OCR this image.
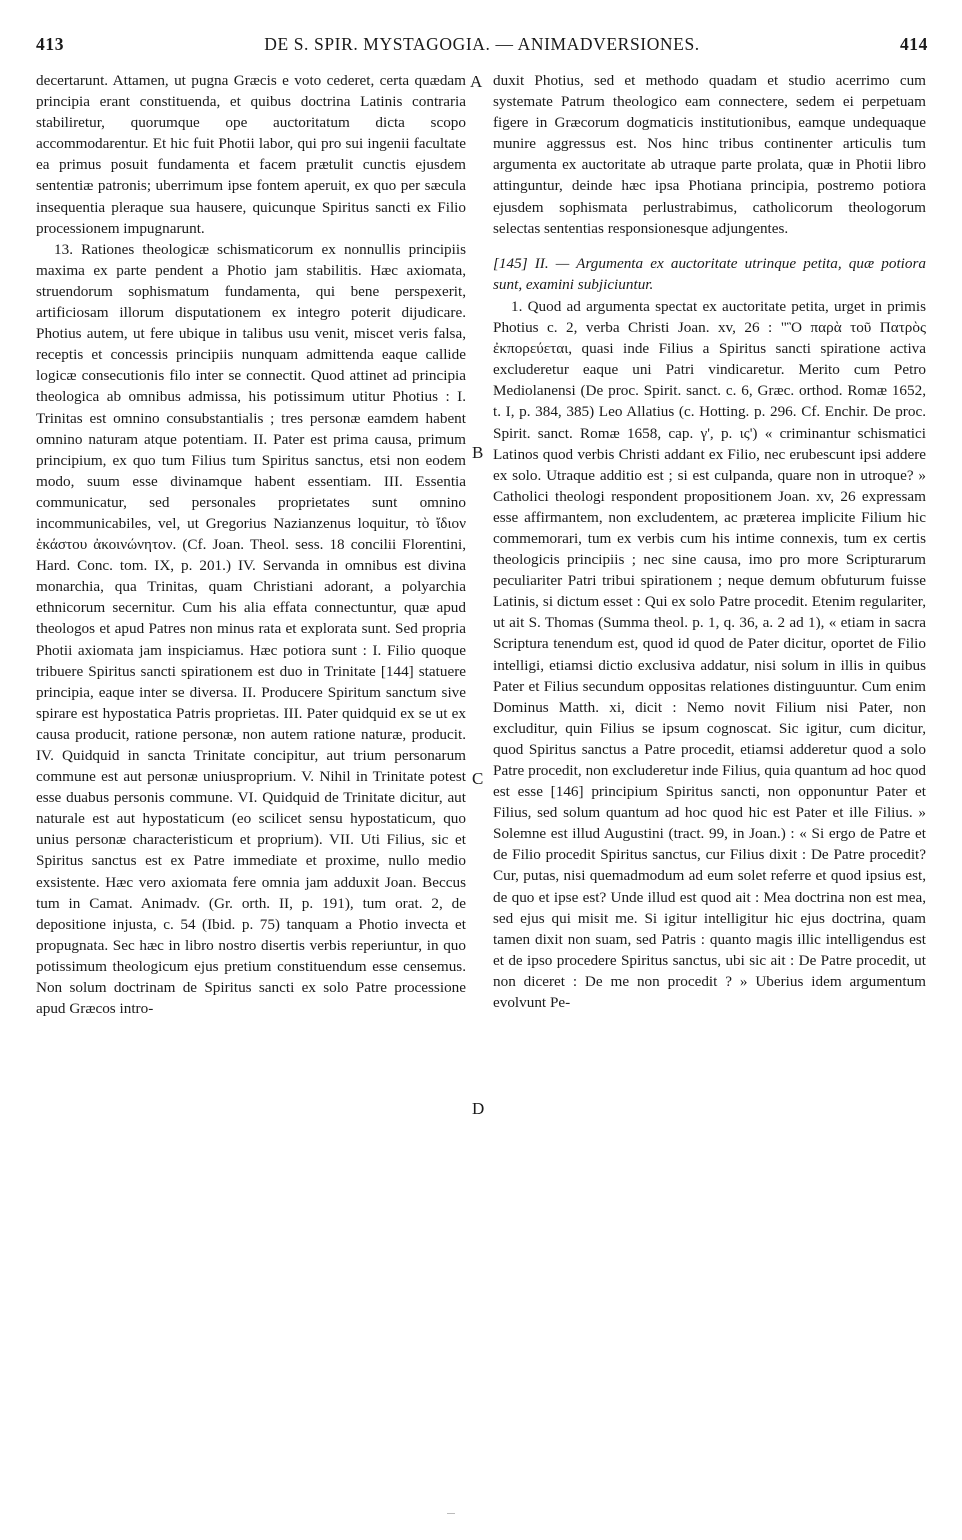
413	DE S. SPIR. MYSTAGOGIA. — ANIMADVERSIONES.	414

decertarunt. Attamen, ut pugna Græcis e voto cederet, certa quædam principia erant constituenda, et quibus doctrina Latinis contraria stabiliretur, quorumque ope auctoritatum dicta scopo accommodarentur. Et hic fuit Photii labor, qui pro sui ingenii facultate ea primus posuit fundamenta et facem prætulit cunctis ejusdem sententiæ patronis; uberrimum ipse fontem aperuit, ex quo per sæcula insequentia pleraque sua hausere, quicunque Spiritus sancti ex Filio processionem impugnarunt.

13. Rationes theologicæ schismaticorum ex nonnullis principiis maxima ex parte pendent a Photio jam stabilitis. Hæc axiomata, struendorum sophismatum fundamenta, qui bene perspexerit, artificiosam illorum disputationem ex integro poterit dijudicare. Photius autem, ut fere ubique in talibus usu venit, miscet veris falsa, receptis et concessis principiis nunquam admittenda eaque callide logicæ consecutionis filo inter se connectit. Quod attinet ad principia theologica ab omnibus admissa, his potissimum utitur Photius : I. Trinitas est omnino consubstantialis ; tres personæ eamdem habent omnino naturam atque potentiam. II. Pater est prima causa, primum principium, ex quo tum Filius tum Spiritus sanctus, etsi non eodem modo, suum esse divinamque habent essentiam. III. Essentia communicatur, sed personales proprietates sunt omnino incommunicabiles, vel, ut Gregorius Nazianzenus loquitur, τὸ ἴδιον ἑκάστου ἀκοινώνητον. (Cf. Joan. Theol. sess. 18 concilii Florentini, Hard. Conc. tom. IX, p. 201.) IV. Servanda in omnibus est divina monarchia, qua Trinitas, quam Christiani adorant, a polyarchia ethnicorum secernitur. Cum his alia effata connectuntur, quæ apud theologos et apud Patres non minus rata et explorata sunt. Sed propria Photii axiomata jam inspiciamus. Hæc potiora sunt : I. Filio quoque tribuere Spiritus sancti spirationem est duo in Trinitate [144] statuere principia, eaque inter se diversa. II. Producere Spiritum sanctum sive spirare est hypostatica Patris proprietas. III. Pater quidquid ex se ut ex causa producit, ratione personæ, non autem ratione naturæ, producit. IV. Quidquid in sancta Trinitate concipitur, aut trium personarum commune est aut personæ uniusproprium. V. Nihil in Trinitate potest esse duabus personis commune. VI. Quidquid de Trinitate dicitur, aut naturale est aut hypostaticum (eo scilicet sensu hypostaticum, quo unius personæ characteristicum et proprium). VII. Uti Filius, sic et Spiritus sanctus est ex Patre immediate et proxime, nullo medio exsistente. Hæc vero axiomata fere omnia jam adduxit Joan. Beccus tum in Camat. Animadv. (Gr. orth. II, p. 191), tum orat. 2, de depositione injusta, c. 54 (Ibid. p. 75) tanquam a Photio invecta et propugnata. Sec hæc in libro nostro disertis verbis reperiuntur, in quo potissimum theologicum ejus pretium constituendum esse censemus. Non solum doctrinam de Spiritus sancti ex solo Patre processione apud Græcos intro-

A
B
C
D

duxit Photius, sed et methodo quadam et studio acerrimo cum systemate Patrum theologico eam connectere, sedem ei perpetuam figere in Græcorum dogmaticis institutionibus, eamque undequaque munire aggressus est. Nos hinc tribus continenter articulis tum argumenta ex auctoritate ab utraque parte prolata, quæ in Photii libro attinguntur, deinde hæc ipsa Photiana principia, postremo potiora ejusdem sophismata perlustrabimus, catholicorum theologorum selectas sententias responsionesque adjungentes.

[145] II. — Argumenta ex auctoritate utrinque petita, quæ potiora sunt, examini subjiciuntur.

1. Quod ad argumenta spectat ex auctoritate petita, urget in primis Photius c. 2, verba Christi Joan. xv, 26 : "Ὃ παρὰ τοῦ Πατρὸς ἐκπορεύεται, quasi inde Filius a Spiritus sancti spiratione activa excluderetur eaque uni Patri vindicaretur. Merito cum Petro Mediolanensi (De proc. Spirit. sanct. c. 6, Græc. orthod. Romæ 1652, t. I, p. 384, 385) Leo Allatius (c. Hotting. p. 296. Cf. Enchir. De proc. Spirit. sanct. Romæ 1658, cap. γ', p. ις') « criminantur schismatici Latinos quod verbis Christi addant ex Filio, nec erubescunt ipsi addere ex solo. Utraque additio est ; si est culpanda, quare non in utroque? » Catholici theologi respondent propositionem Joan. xv, 26 expressam esse affirmantem, non excludentem, ac præterea implicite Filium hic commemorari, tum ex verbis cum his intime connexis, tum ex certis theologicis principiis ; nec sine causa, imo pro more Scripturarum peculiariter Patri tribui spirationem ; neque demum obfuturum fuisse Latinis, si dictum esset : Qui ex solo Patre procedit. Etenim regulariter, ut ait S. Thomas (Summa theol. p. 1, q. 36, a. 2 ad 1), « etiam in sacra Scriptura tenendum est, quod id quod de Pater dicitur, oportet de Filio intelligi, etiamsi dictio exclusiva addatur, nisi solum in illis in quibus Pater et Filius secundum oppositas relationes distinguuntur. Cum enim Dominus Matth. xi, dicit : Nemo novit Filium nisi Pater, non excluditur, quin Filius se ipsum cognoscat. Sic igitur, cum dicitur, quod Spiritus sanctus a Patre procedit, etiamsi adderetur quod a solo Patre procedit, non excluderetur inde Filius, quia quantum ad hoc quod est esse [146] principium Spiritus sancti, non opponuntur Pater et Filius, sed solum quantum ad hoc quod hic est Pater et ille Filius. » Solemne est illud Augustini (tract. 99, in Joan.) : « Si ergo de Patre et de Filio procedit Spiritus sanctus, cur Filius dixit : De Patre procedit? Cur, putas, nisi quemadmodum ad eum solet referre et quod ipsius est, de quo et ipse est? Unde illud est quod ait : Mea doctrina non est mea, sed ejus qui misit me. Si igitur intelligitur hic ejus doctrina, quam tamen dixit non suam, sed Patris : quanto magis illic intelligendus est et de ipso procedere Spiritus sanctus, ubi sic ait : De Patre procedit, ut non diceret : De me non procedit ? » Uberius idem argumentum evolvunt Pe-
